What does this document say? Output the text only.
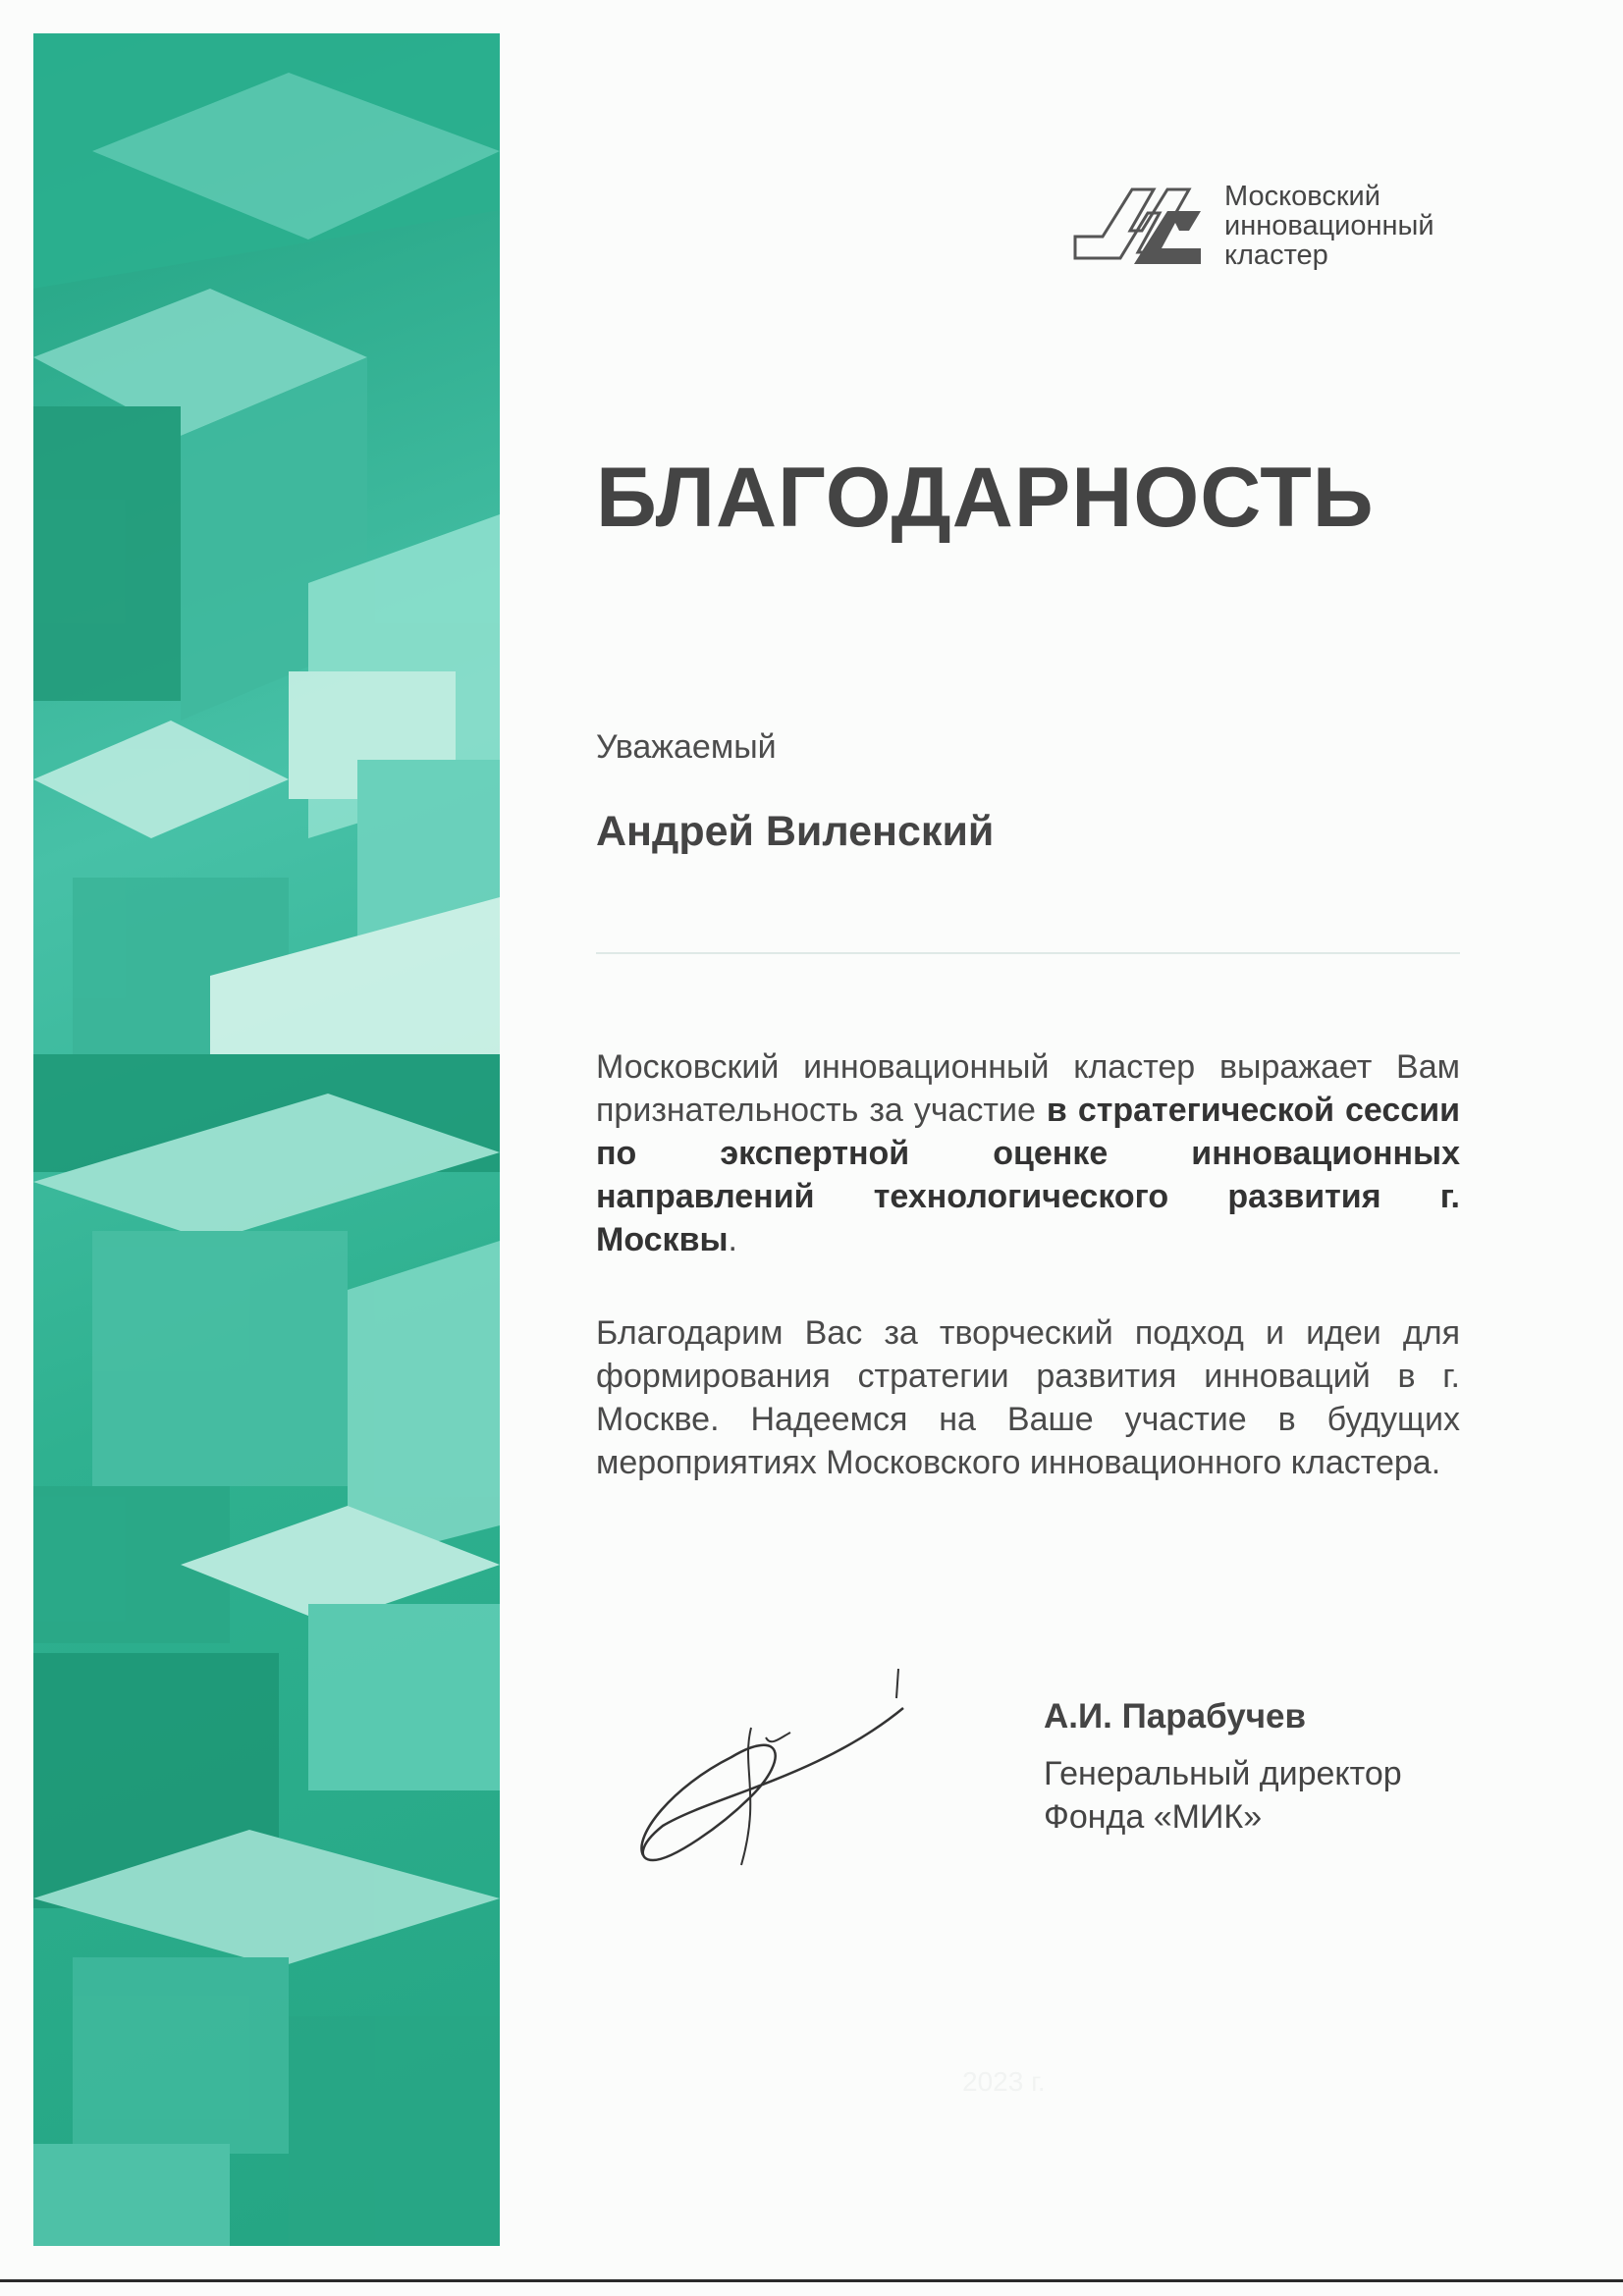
Московский
инновационный
кластер
БЛАГОДАРНОСТЬ
Уважаемый
Андрей Виленский
Московский инновационный кластер выражает Вам признательность за участие в стратегической сессии по экспертной оценке инновационных направлений технологического развития г. Москвы.
Благодарим Вас за творческий подход и идеи для формирования стратегии развития инноваций в г. Москве. Надеемся на Ваше участие в будущих мероприятиях Московского инновационного кластера.
А.И. Парабучев
Генеральный директор
Фонда «МИК»
2023 г.
